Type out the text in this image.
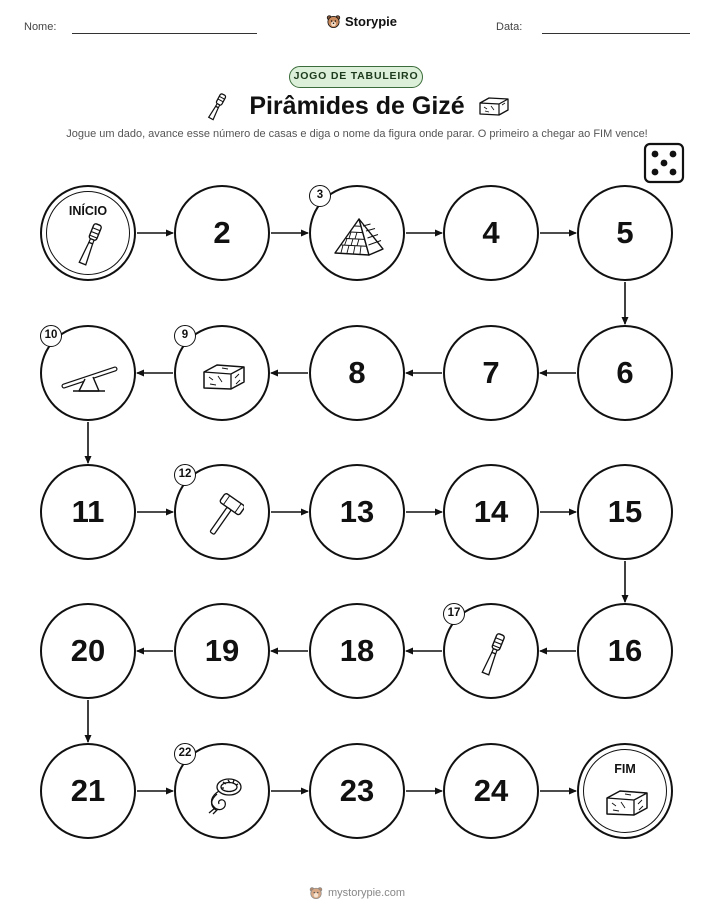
Nome:	Storypie	Data:
JOGO DE TABULEIRO
Pirâmides de Gizé
Jogue um dado, avance esse número de casas e diga o nome da figura onde parar. O primeiro a chegar ao FIM vence!
INÍCIO
2
3
4	5
6
7
8
9
10
11
12
13	14	15
16
17
18
19
20
21
22
23	24
FIM
mystorypie.com
